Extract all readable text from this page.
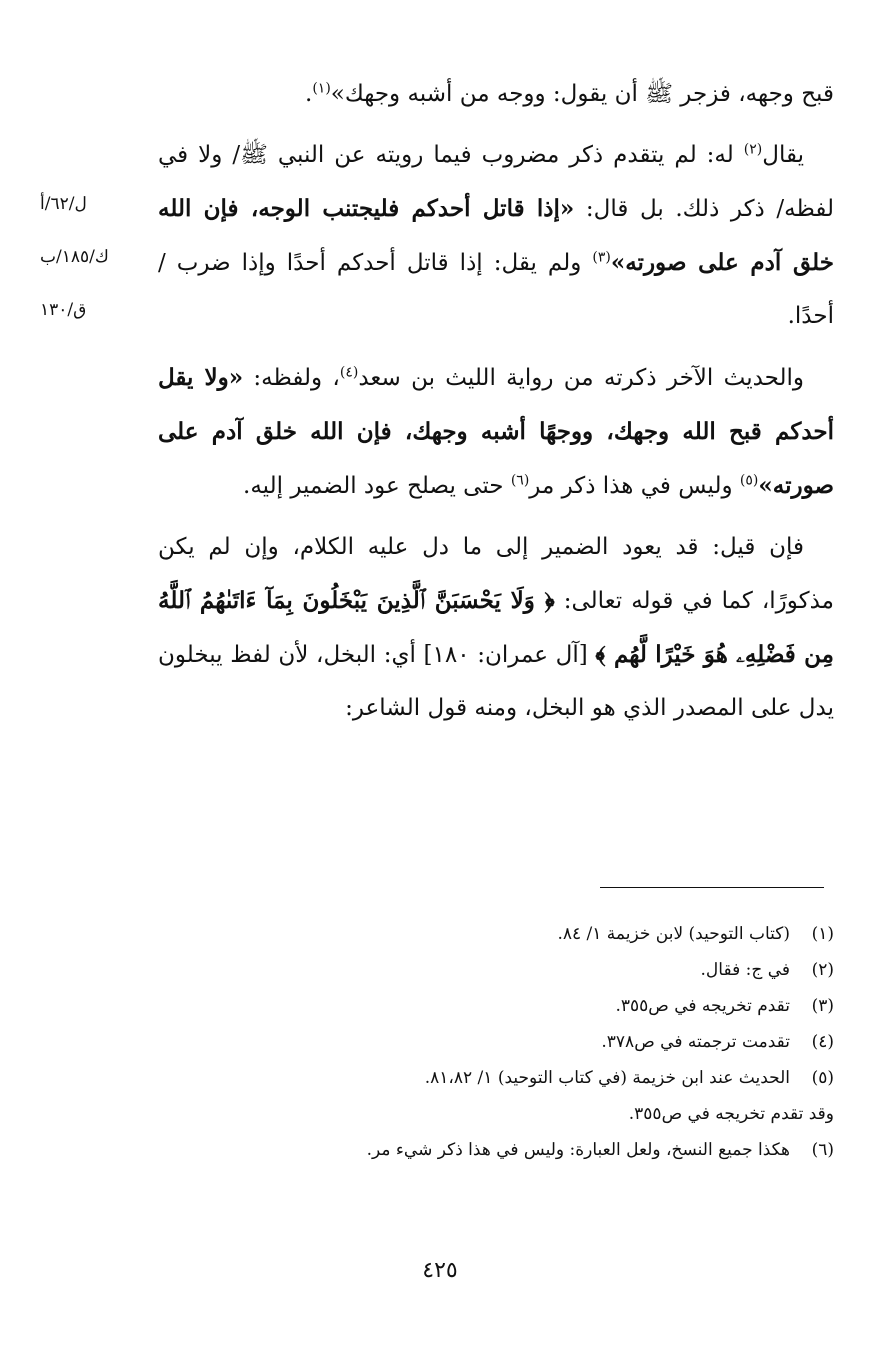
قبح وجهه، فزجر ﷺ أن يقول: ووجه من أشبه وجهك»$^{(١)}$.

يقال$^{(٢)}$ له: لم يتقدم ذكر مضروب فيما رويته عن النبي ﷺ/ ولا في لفظه/ ذكر ذلك. بل قال: «إذا قاتل أحدكم فليجتنب الوجه، فإن الله خلق آدم على صورته»$^{(٣)}$ ولم يقل: إذا قاتل أحدكم أحدًا وإذا ضرب / أحدًا.

والحديث الآخر ذكرته من رواية الليث بن سعد$^{(٤)}$، ولفظه: «ولا يقل أحدكم قبح الله وجهك، ووجهًا أشبه وجهك، فإن الله خلق آدم على صورته»$^{(٥)}$ وليس في هذا ذكر مر$^{(٦)}$ حتى يصلح عود الضمير إليه.

فإن قيل: قد يعود الضمير إلى ما دل عليه الكلام، وإن لم يكن مذكورًا، كما في قوله تعالى: ﴿ وَلَا يَحْسَبَنَّ ٱلَّذِينَ يَبْخَلُونَ بِمَآ ءَاتَىٰهُمُ ٱللَّهُ مِن فَضْلِهِۦ هُوَ خَيْرًا لَّهُم ﴾ [آل عمران: ١٨٠] أي: البخل، لأن لفظ يبخلون يدل على المصدر الذي هو البخل، ومنه قول الشاعر:

ل/٦٢/أ
ك/١٨٥/ب
ق/١٣٠
(١)
(كتاب التوحيد) لابن خزيمة ١/ ٨٤.
(٢)
في ج: فقال.
(٣)
تقدم تخريجه في ص٣٥٥.
(٤)
تقدمت ترجمته في ص٣٧٨.
(٥)
الحديث عند ابن خزيمة (في كتاب التوحيد) ١/ ٨١،٨٢.
وقد تقدم تخريجه في ص٣٥٥.
(٦)
هكذا جميع النسخ، ولعل العبارة: وليس في هذا ذكر شيء مر.
٤٢٥
